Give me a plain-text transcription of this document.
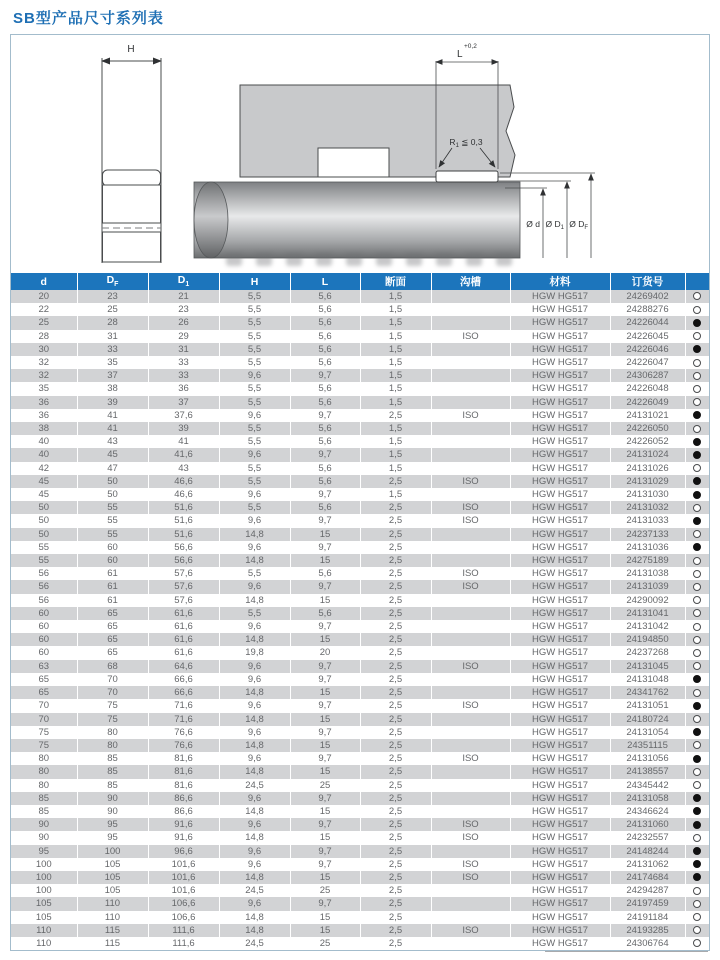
SB型产品尺寸系列表
H	L
+0,2
$R_1$ ≦ 0,3
Ø d Ø $D_1$ Ø $D_F$
d	$D_F$	$D_1$	H	L	断面	沟槽	材料	订货号	
20	23	21	5,5	5,6	1,5		HGW HG517	24269402	
22	25	23	5,5	5,6	1,5		HGW HG517	24288276	
25	28	26	5,5	5,6	1,5		HGW HG517	24226044	
28	31	29	5,5	5,6	1,5	ISO	HGW HG517	24226045	
30	33	31	5,5	5,6	1,5		HGW HG517	24226046	
32	35	33	5,5	5,6	1,5		HGW HG517	24226047	
32	37	33	9,6	9,7	1,5		HGW HG517	24306287	
35	38	36	5,5	5,6	1,5		HGW HG517	24226048	
36	39	37	5,5	5,6	1,5		HGW HG517	24226049	
36	41	37,6	9,6	9,7	2,5	ISO	HGW HG517	24131021	
38	41	39	5,5	5,6	1,5		HGW HG517	24226050	
40	43	41	5,5	5,6	1,5		HGW HG517	24226052	
40	45	41,6	9,6	9,7	1,5		HGW HG517	24131024	
42	47	43	5,5	5,6	1,5		HGW HG517	24131026	
45	50	46,6	5,5	5,6	2,5	ISO	HGW HG517	24131029	
45	50	46,6	9,6	9,7	1,5		HGW HG517	24131030	
50	55	51,6	5,5	5,6	2,5	ISO	HGW HG517	24131032	
50	55	51,6	9,6	9,7	2,5	ISO	HGW HG517	24131033	
50	55	51,6	14,8	15	2,5		HGW HG517	24237133	
55	60	56,6	9,6	9,7	2,5		HGW HG517	24131036	
55	60	56,6	14,8	15	2,5		HGW HG517	24275189	
56	61	57,6	5,5	5,6	2,5	ISO	HGW HG517	24131038	
56	61	57,6	9,6	9,7	2,5	ISO	HGW HG517	24131039	
56	61	57,6	14,8	15	2,5		HGW HG517	24290092	
60	65	61,6	5,5	5,6	2,5		HGW HG517	24131041	
60	65	61,6	9,6	9,7	2,5		HGW HG517	24131042	
60	65	61,6	14,8	15	2,5		HGW HG517	24194850	
60	65	61,6	19,8	20	2,5		HGW HG517	24237268	
63	68	64,6	9,6	9,7	2,5	ISO	HGW HG517	24131045	
65	70	66,6	9,6	9,7	2,5		HGW HG517	24131048	
65	70	66,6	14,8	15	2,5		HGW HG517	24341762	
70	75	71,6	9,6	9,7	2,5	ISO	HGW HG517	24131051	
70	75	71,6	14,8	15	2,5		HGW HG517	24180724	
75	80	76,6	9,6	9,7	2,5		HGW HG517	24131054	
75	80	76,6	14,8	15	2,5		HGW HG517	24351115	
80	85	81,6	9,6	9,7	2,5	ISO	HGW HG517	24131056	
80	85	81,6	14,8	15	2,5		HGW HG517	24138557	
80	85	81,6	24,5	25	2,5		HGW HG517	24345442	
85	90	86,6	9,6	9,7	2,5		HGW HG517	24131058	
85	90	86,6	14,8	15	2,5		HGW HG517	24346624	
90	95	91,6	9,6	9,7	2,5	ISO	HGW HG517	24131060	
90	95	91,6	14,8	15	2,5	ISO	HGW HG517	24232557	
95	100	96,6	9,6	9,7	2,5		HGW HG517	24148244	
100	105	101,6	9,6	9,7	2,5	ISO	HGW HG517	24131062	
100	105	101,6	14,8	15	2,5	ISO	HGW HG517	24174684	
100	105	101,6	24,5	25	2,5		HGW HG517	24294287	
105	110	106,6	9,6	9,7	2,5		HGW HG517	24197459	
105	110	106,6	14,8	15	2,5		HGW HG517	24191184	
110	115	111,6	14,8	15	2,5	ISO	HGW HG517	24193285	
110	115	111,6	24,5	25	2,5		HGW HG517	24306764	
